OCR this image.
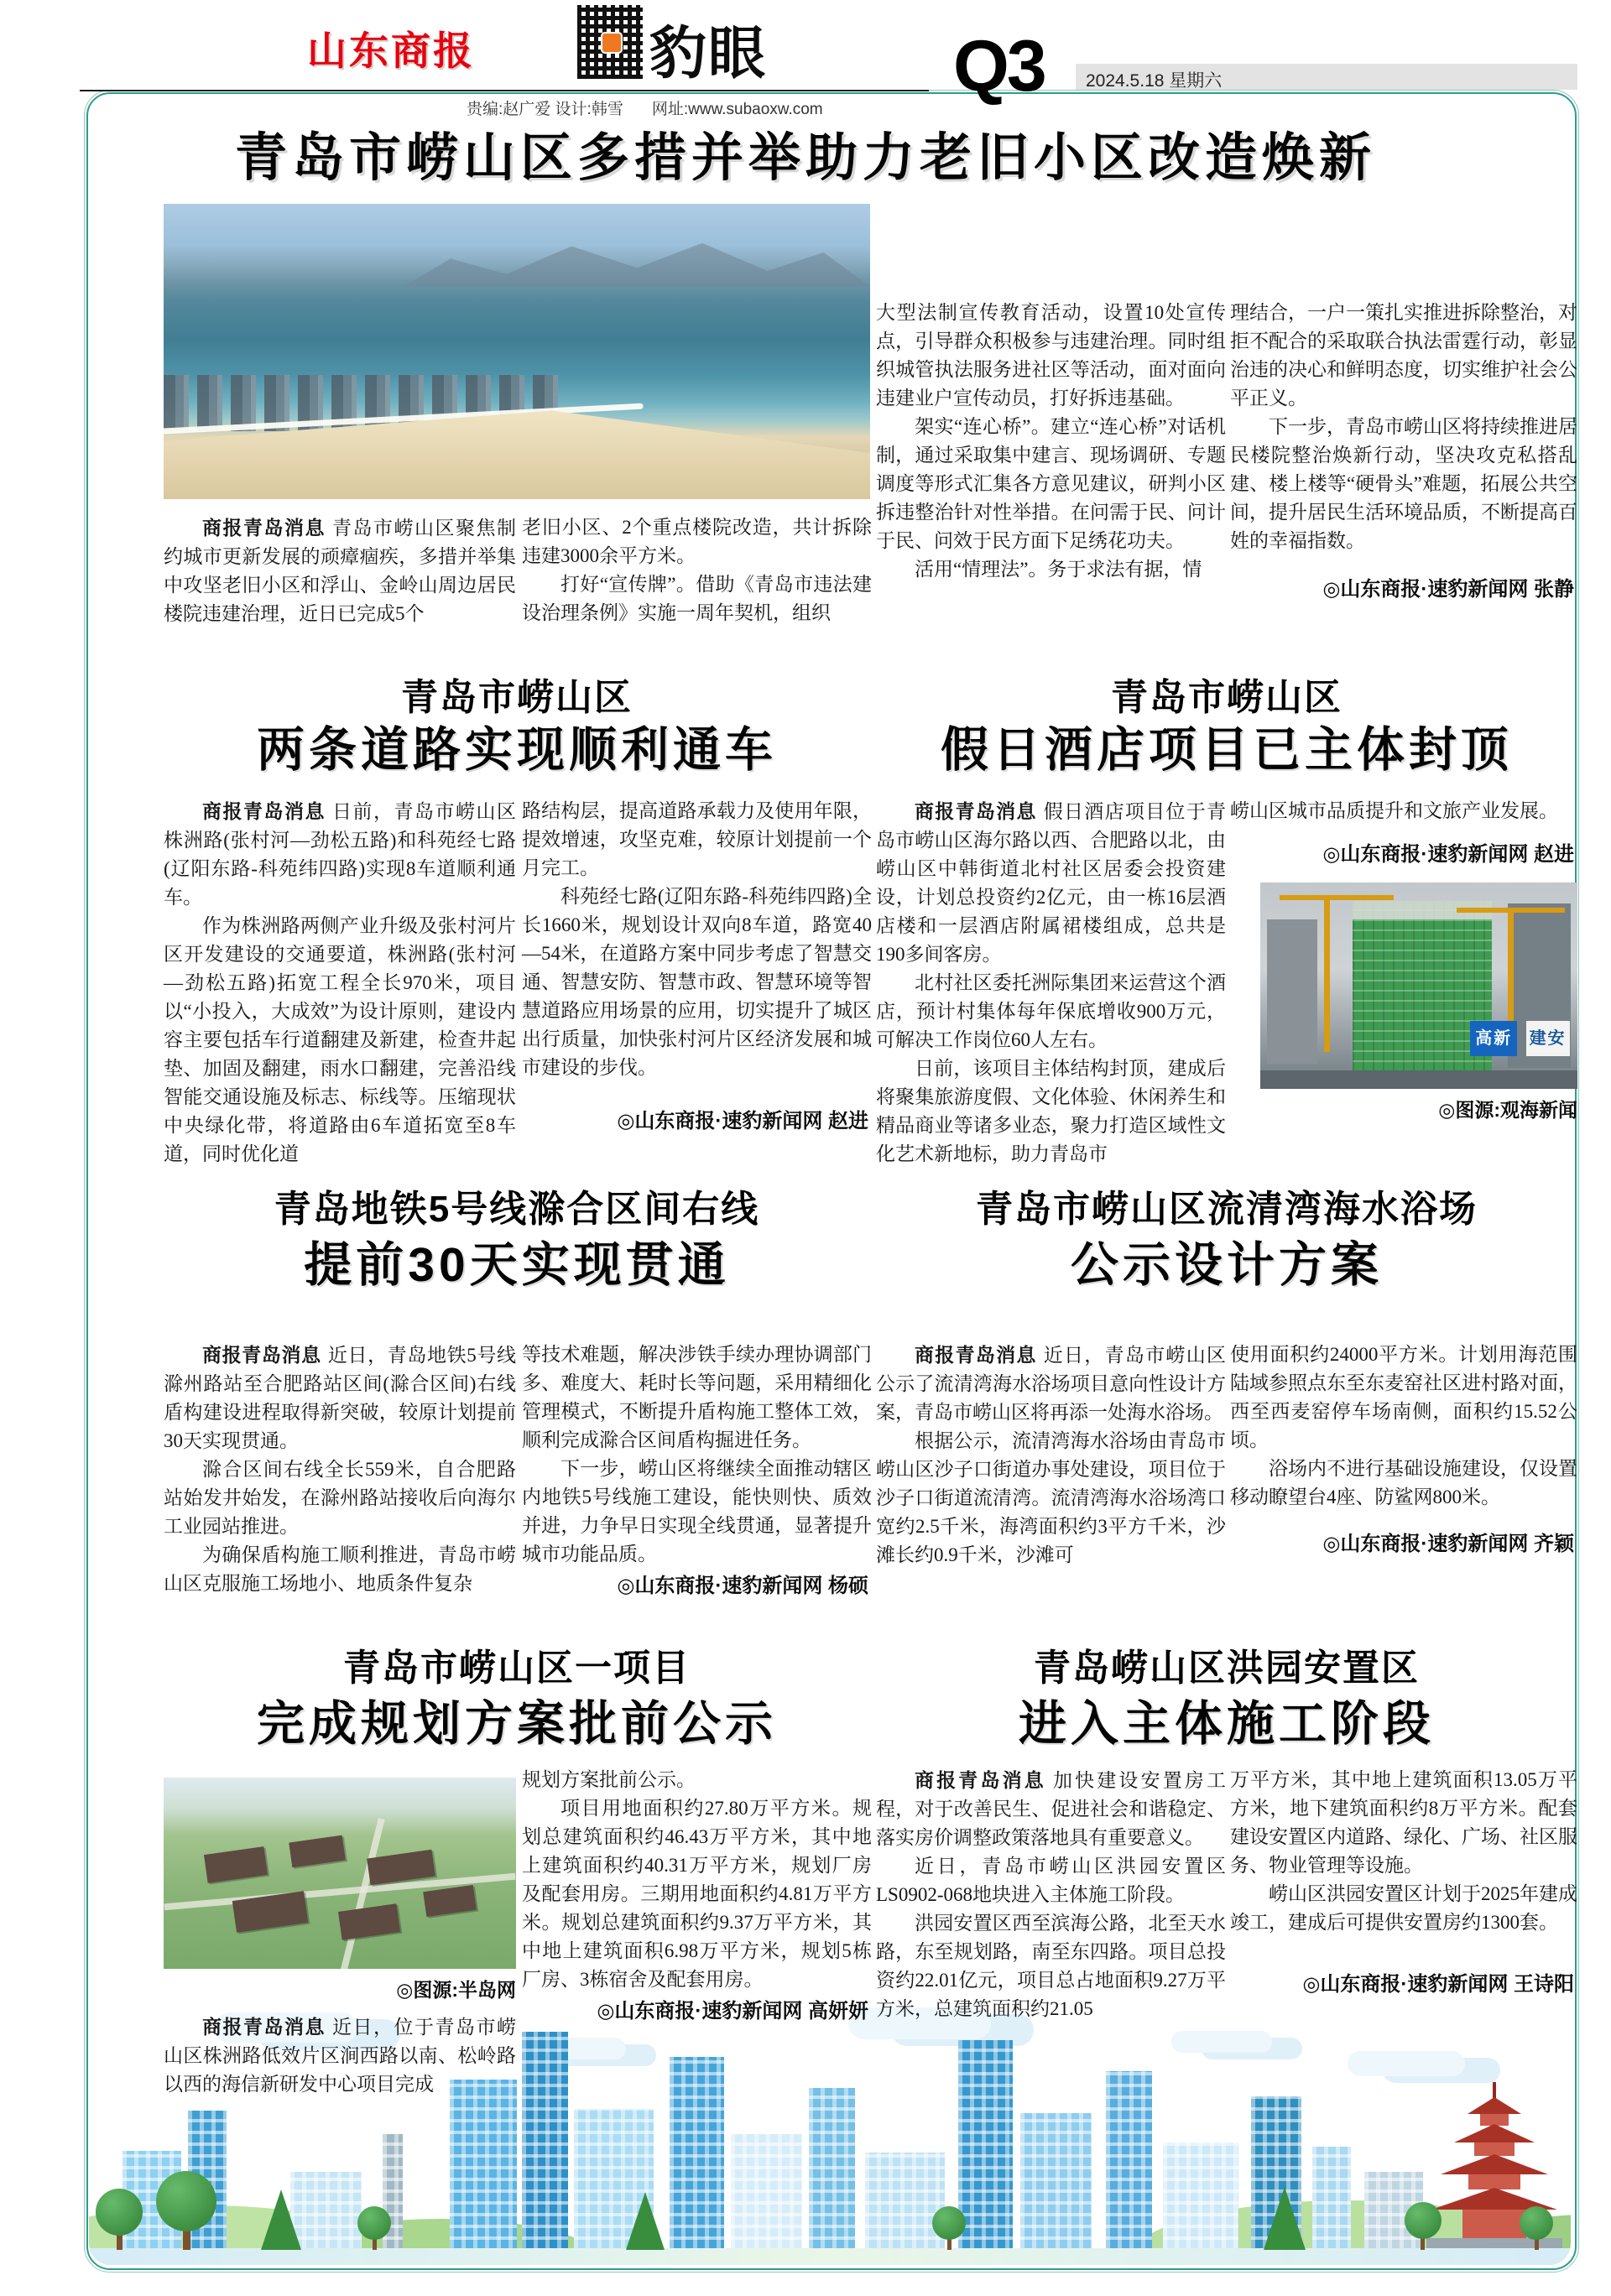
山东商报	豹眼	Q3	2024.5.18 星期六
贵编:赵广爱 设计:韩雪 网址:www.subaoxw.com
青岛市崂山区多措并举助力老旧小区改造焕新

商报青岛消息 青岛市崂山区聚焦制约城市更新发展的顽瘴痼疾，多措并举集中攻坚老旧小区和浮山、金岭山周边居民楼院违建治理，近日已完成5个

老旧小区、2个重点楼院改造，共计拆除违建3000余平方米。

打好“宣传牌”。借助《青岛市违法建设治理条例》实施一周年契机，组织

大型法制宣传教育活动，设置10处宣传点，引导群众积极参与违建治理。同时组织城管执法服务进社区等活动，面对面向违建业户宣传动员，打好拆违基础。

架实“连心桥”。建立“连心桥”对话机制，通过采取集中建言、现场调研、专题调度等形式汇集各方意见建议，研判小区拆违整治针对性举措。在问需于民、问计于民、问效于民方面下足绣花功夫。

活用“情理法”。务于求法有据，情

理结合，一户一策扎实推进拆除整治，对拒不配合的采取联合执法雷霆行动，彰显治违的决心和鲜明态度，切实维护社会公平正义。

下一步，青岛市崂山区将持续推进居民楼院整治焕新行动，坚决攻克私搭乱建、楼上楼等“硬骨头”难题，拓展公共空间，提升居民生活环境品质，不断提高百姓的幸福指数。

◎山东商报·速豹新闻网 张静
青岛市崂山区
两条道路实现顺利通车

商报青岛消息 日前，青岛市崂山区株洲路(张村河—劲松五路)和科苑经七路(辽阳东路-科苑纬四路)实现8车道顺利通车。

作为株洲路两侧产业升级及张村河片区开发建设的交通要道，株洲路(张村河—劲松五路)拓宽工程全长970米，项目以“小投入，大成效”为设计原则，建设内容主要包括车行道翻建及新建，检查井起垫、加固及翻建，雨水口翻建，完善沿线智能交通设施及标志、标线等。压缩现状中央绿化带，将道路由6车道拓宽至8车道，同时优化道

路结构层，提高道路承载力及使用年限，提效增速，攻坚克难，较原计划提前一个月完工。

科苑经七路(辽阳东路-科苑纬四路)全长1660米，规划设计双向8车道，路宽40—54米，在道路方案中同步考虑了智慧交通、智慧安防、智慧市政、智慧环境等智慧道路应用场景的应用，切实提升了城区出行质量，加快张村河片区经济发展和城市建设的步伐。

◎山东商报·速豹新闻网 赵进
青岛市崂山区
假日酒店项目已主体封顶

商报青岛消息 假日酒店项目位于青岛市崂山区海尔路以西、合肥路以北，由崂山区中韩街道北村社区居委会投资建设，计划总投资约2亿元，由一栋16层酒店楼和一层酒店附属裙楼组成，总共是190多间客房。

北村社区委托洲际集团来运营这个酒店，预计村集体每年保底增收900万元，可解决工作岗位60人左右。

日前，该项目主体结构封顶，建成后将聚集旅游度假、文化体验、休闲养生和精品商业等诸多业态，聚力打造区域性文化艺术新地标，助力青岛市

崂山区城市品质提升和文旅产业发展。

◎山东商报·速豹新闻网 赵进
高新	建安
◎图源:观海新闻
青岛地铁5号线滁合区间右线
提前30天实现贯通

商报青岛消息 近日，青岛地铁5号线滁州路站至合肥路站区间(滁合区间)右线盾构建设进程取得新突破，较原计划提前30天实现贯通。

滁合区间右线全长559米，自合肥路站始发井始发，在滁州路站接收后向海尔工业园站推进。

为确保盾构施工顺利推进，青岛市崂山区克服施工场地小、地质条件复杂

等技术难题，解决涉铁手续办理协调部门多、难度大、耗时长等问题，采用精细化管理模式，不断提升盾构施工整体工效，顺利完成滁合区间盾构掘进任务。

下一步，崂山区将继续全面推动辖区内地铁5号线施工建设，能快则快、质效并进，力争早日实现全线贯通，显著提升城市功能品质。

◎山东商报·速豹新闻网 杨硕
青岛市崂山区流清湾海水浴场
公示设计方案

商报青岛消息 近日，青岛市崂山区公示了流清湾海水浴场项目意向性设计方案，青岛市崂山区将再添一处海水浴场。

根据公示，流清湾海水浴场由青岛市崂山区沙子口街道办事处建设，项目位于沙子口街道流清湾。流清湾海水浴场湾口宽约2.5千米，海湾面积约3平方千米，沙滩长约0.9千米，沙滩可

使用面积约24000平方米。计划用海范围陆域参照点东至东麦窑社区进村路对面，西至西麦窑停车场南侧，面积约15.52公顷。

浴场内不进行基础设施建设，仅设置移动瞭望台4座、防鲨网800米。

◎山东商报·速豹新闻网 齐颖
青岛市崂山区一项目
完成规划方案批前公示
◎图源:半岛网

商报青岛消息 近日，位于青岛市崂山区株洲路低效片区涧西路以南、松岭路以西的海信新研发中心项目完成

规划方案批前公示。

项目用地面积约27.80万平方米。规划总建筑面积约46.43万平方米，其中地上建筑面积约40.31万平方米，规划厂房及配套用房。三期用地面积约4.81万平方米。规划总建筑面积约9.37万平方米，其中地上建筑面积6.98万平方米，规划5栋厂房、3栋宿舍及配套用房。

◎山东商报·速豹新闻网 高妍妍
青岛崂山区洪园安置区
进入主体施工阶段

商报青岛消息 加快建设安置房工程，对于改善民生、促进社会和谐稳定、落实房价调整政策落地具有重要意义。

近日，青岛市崂山区洪园安置区LS0902-068地块进入主体施工阶段。

洪园安置区西至滨海公路，北至天水路，东至规划路，南至东四路。项目总投资约22.01亿元，项目总占地面积9.27万平方米，总建筑面积约21.05

万平方米，其中地上建筑面积13.05万平方米，地下建筑面积约8万平方米。配套建设安置区内道路、绿化、广场、社区服务、物业管理等设施。

崂山区洪园安置区计划于2025年建成竣工，建成后可提供安置房约1300套。

◎山东商报·速豹新闻网 王诗阳
